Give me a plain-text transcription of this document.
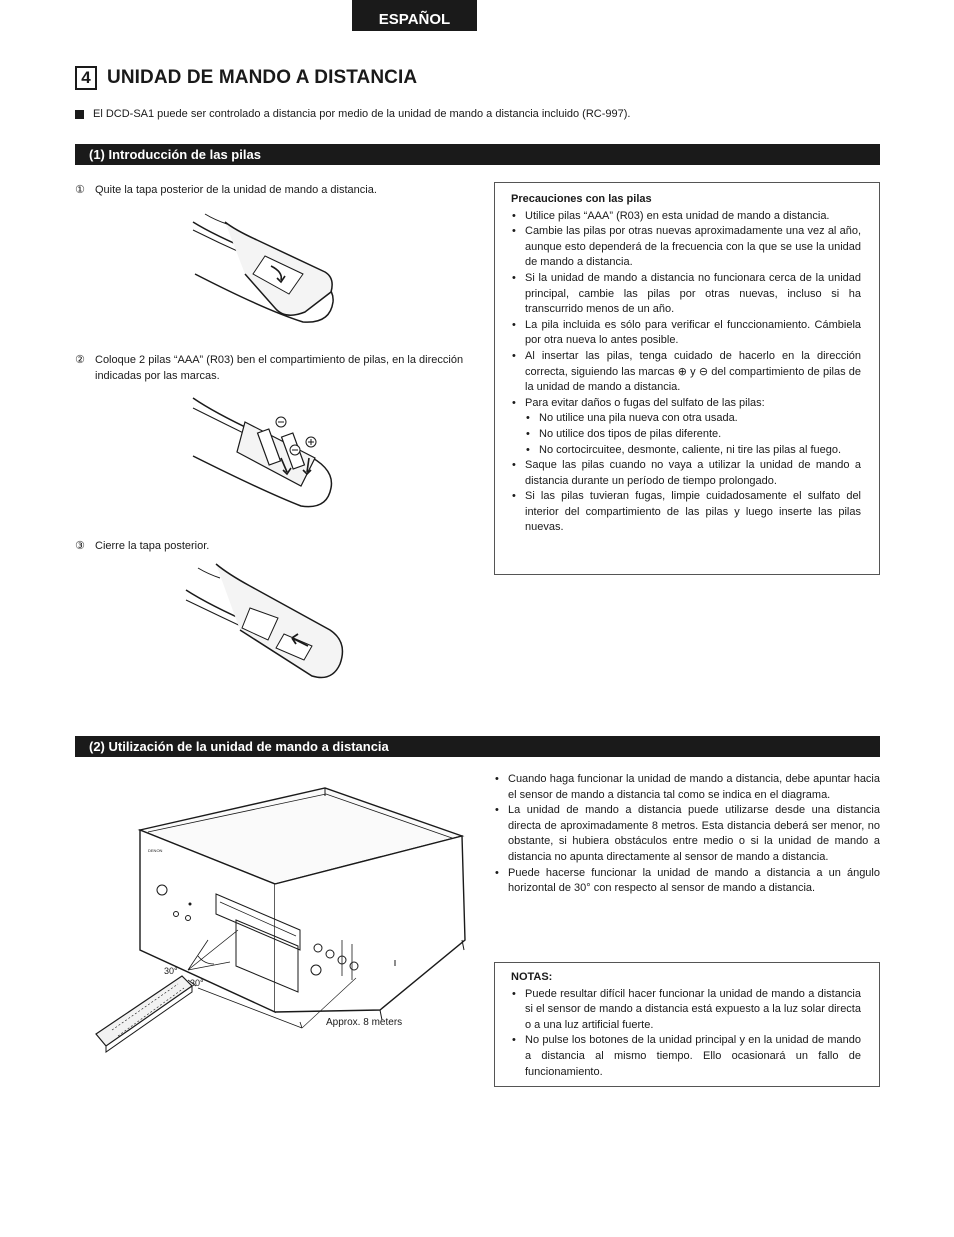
ESPAÑOL
4 UNIDAD DE MANDO A DISTANCIA
El DCD-SA1 puede ser controlado a distancia por medio de la unidad de mando a distancia incluido (RC-997).
(1) Introducción de las pilas
① Quite la tapa posterior de la unidad de mando a distancia.
② Coloque 2 pilas “AAA” (R03) ben el compartimiento de pilas, en la dirección indicadas por las marcas.
③ Cierre la tapa posterior.
Precauciones con las pilas
• Utilice pilas “AAA” (R03) en esta unidad de mando a distancia.
• Cambie las pilas por otras nuevas aproximadamente una vez al año, aunque esto dependerá de la frecuencia con la que se use la unidad de mando a distancia.
• Si la unidad de mando a distancia no funcionara cerca de la unidad principal, cambie las pilas por otras nuevas, incluso si ha transcurrido menos de un año.
• La pila incluida es sólo para verificar el funccionamiento. Cámbiela por otra nueva lo antes posible.
• Al insertar las pilas, tenga cuidado de hacerlo en la dirección correcta, siguiendo las marcas ⊕ y ⊖ del compartimiento de pilas de la unidad de mando a distancia.
• Para evitar daños o fugas del sulfato de las pilas:
• No utilice una pila nueva con otra usada.
• No utilice dos tipos de pilas diferente.
• No cortocircuitee, desmonte, caliente, ni tire las pilas al fuego.
• Saque las pilas cuando no vaya a utilizar la unidad de mando a distancia durante un período de tiempo prolongado.
• Si las pilas tuvieran fugas, limpie cuidadosamente el sulfato del interior del compartimiento de las pilas y luego inserte las pilas nuevas.
(2) Utilización de la unidad de mando a distancia
DENON
30°
30°
Approx. 8 meters
• Cuando haga funcionar la unidad de mando a distancia, debe apuntar hacia el sensor de mando a distancia tal como se indica en el diagrama.
• La unidad de mando a distancia puede utilizarse desde una distancia directa de aproximadamente 8 metros. Esta distancia deberá ser menor, no obstante, si hubiera obstáculos entre medio o si la unidad de mando a distancia no apunta directamente al sensor de mando a distancia.
• Puede hacerse funcionar la unidad de mando a distancia a un ángulo horizontal de 30° con respecto al sensor de mando a distancia.
NOTAS:
• Puede resultar difícil hacer funcionar la unidad de mando a distancia si el sensor de mando a distancia está expuesto a la luz solar directa o a una luz artificial fuerte.
• No pulse los botones de la unidad principal y en la unidad de mando a distancia al mismo tiempo. Ello ocasionará un fallo de funcionamiento.
